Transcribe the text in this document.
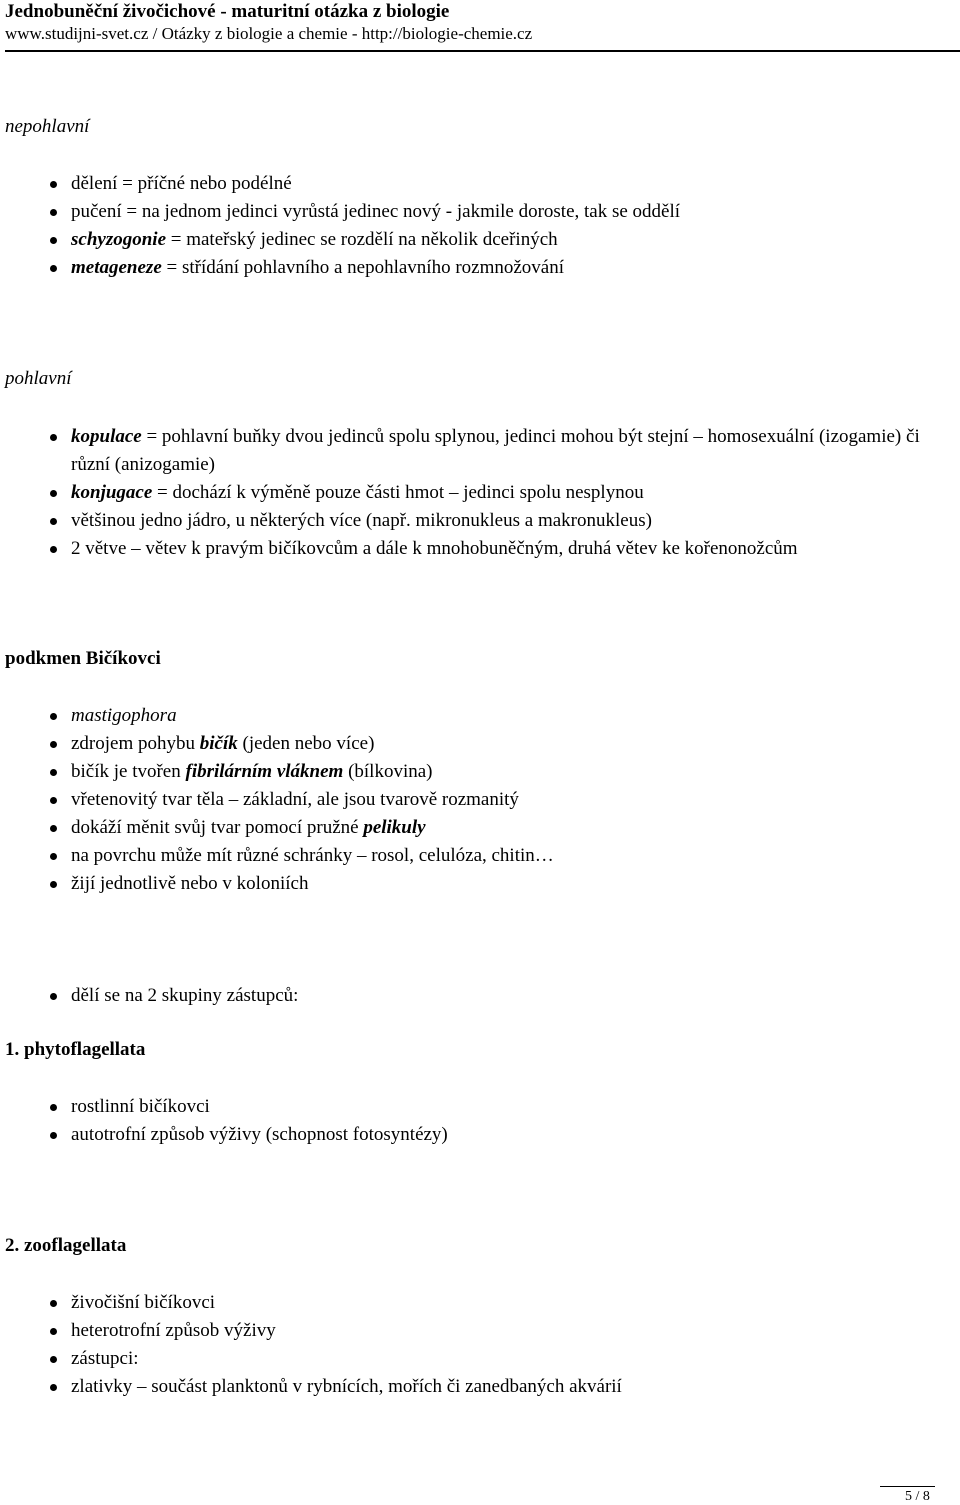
Jednobuněční živočichové - maturitní otázka z biologie
www.studijni-svet.cz / Otázky z biologie a chemie - http://biologie-chemie.cz
nepohlavní
dělení = příčné nebo podélné
pučení = na jednom jedinci vyrůstá jedinec nový - jakmile doroste, tak se oddělí
schyzogonie = mateřský jedinec se rozdělí na několik dceřiných
metageneze = střídání pohlavního a nepohlavního rozmnožování
pohlavní
kopulace = pohlavní buňky dvou jedinců spolu splynou, jedinci mohou být stejní – homosexuální (izogamie) či různí (anizogamie)
konjugace = dochází k výměně pouze části hmot – jedinci spolu nesplynou
většinou jedno jádro, u některých více (např. mikronukleus a makronukleus)
2 větve – větev k pravým bičíkovcům a dále k mnohobuněčným, druhá větev ke kořenonožcům
podkmen Bičíkovci
mastigophora
zdrojem pohybu bičík (jeden nebo více)
bičík je tvořen fibrilárním vláknem (bílkovina)
vřetenovitý tvar těla – základní, ale jsou tvarově rozmanitý
dokáží měnit svůj tvar pomocí pružné pelikuly
na povrchu může mít různé schránky – rosol, celulóza, chitin…
žijí jednotlivě nebo v koloniích
dělí se na 2 skupiny zástupců:
1. phytoflagellata
rostlinní bičíkovci
autotrofní způsob výživy (schopnost fotosyntézy)
2. zooflagellata
živočišní bičíkovci
heterotrofní způsob výživy
zástupci:
zlativky – součást planktonů v rybnících, mořích či zanedbaných akvárií
5 / 8
